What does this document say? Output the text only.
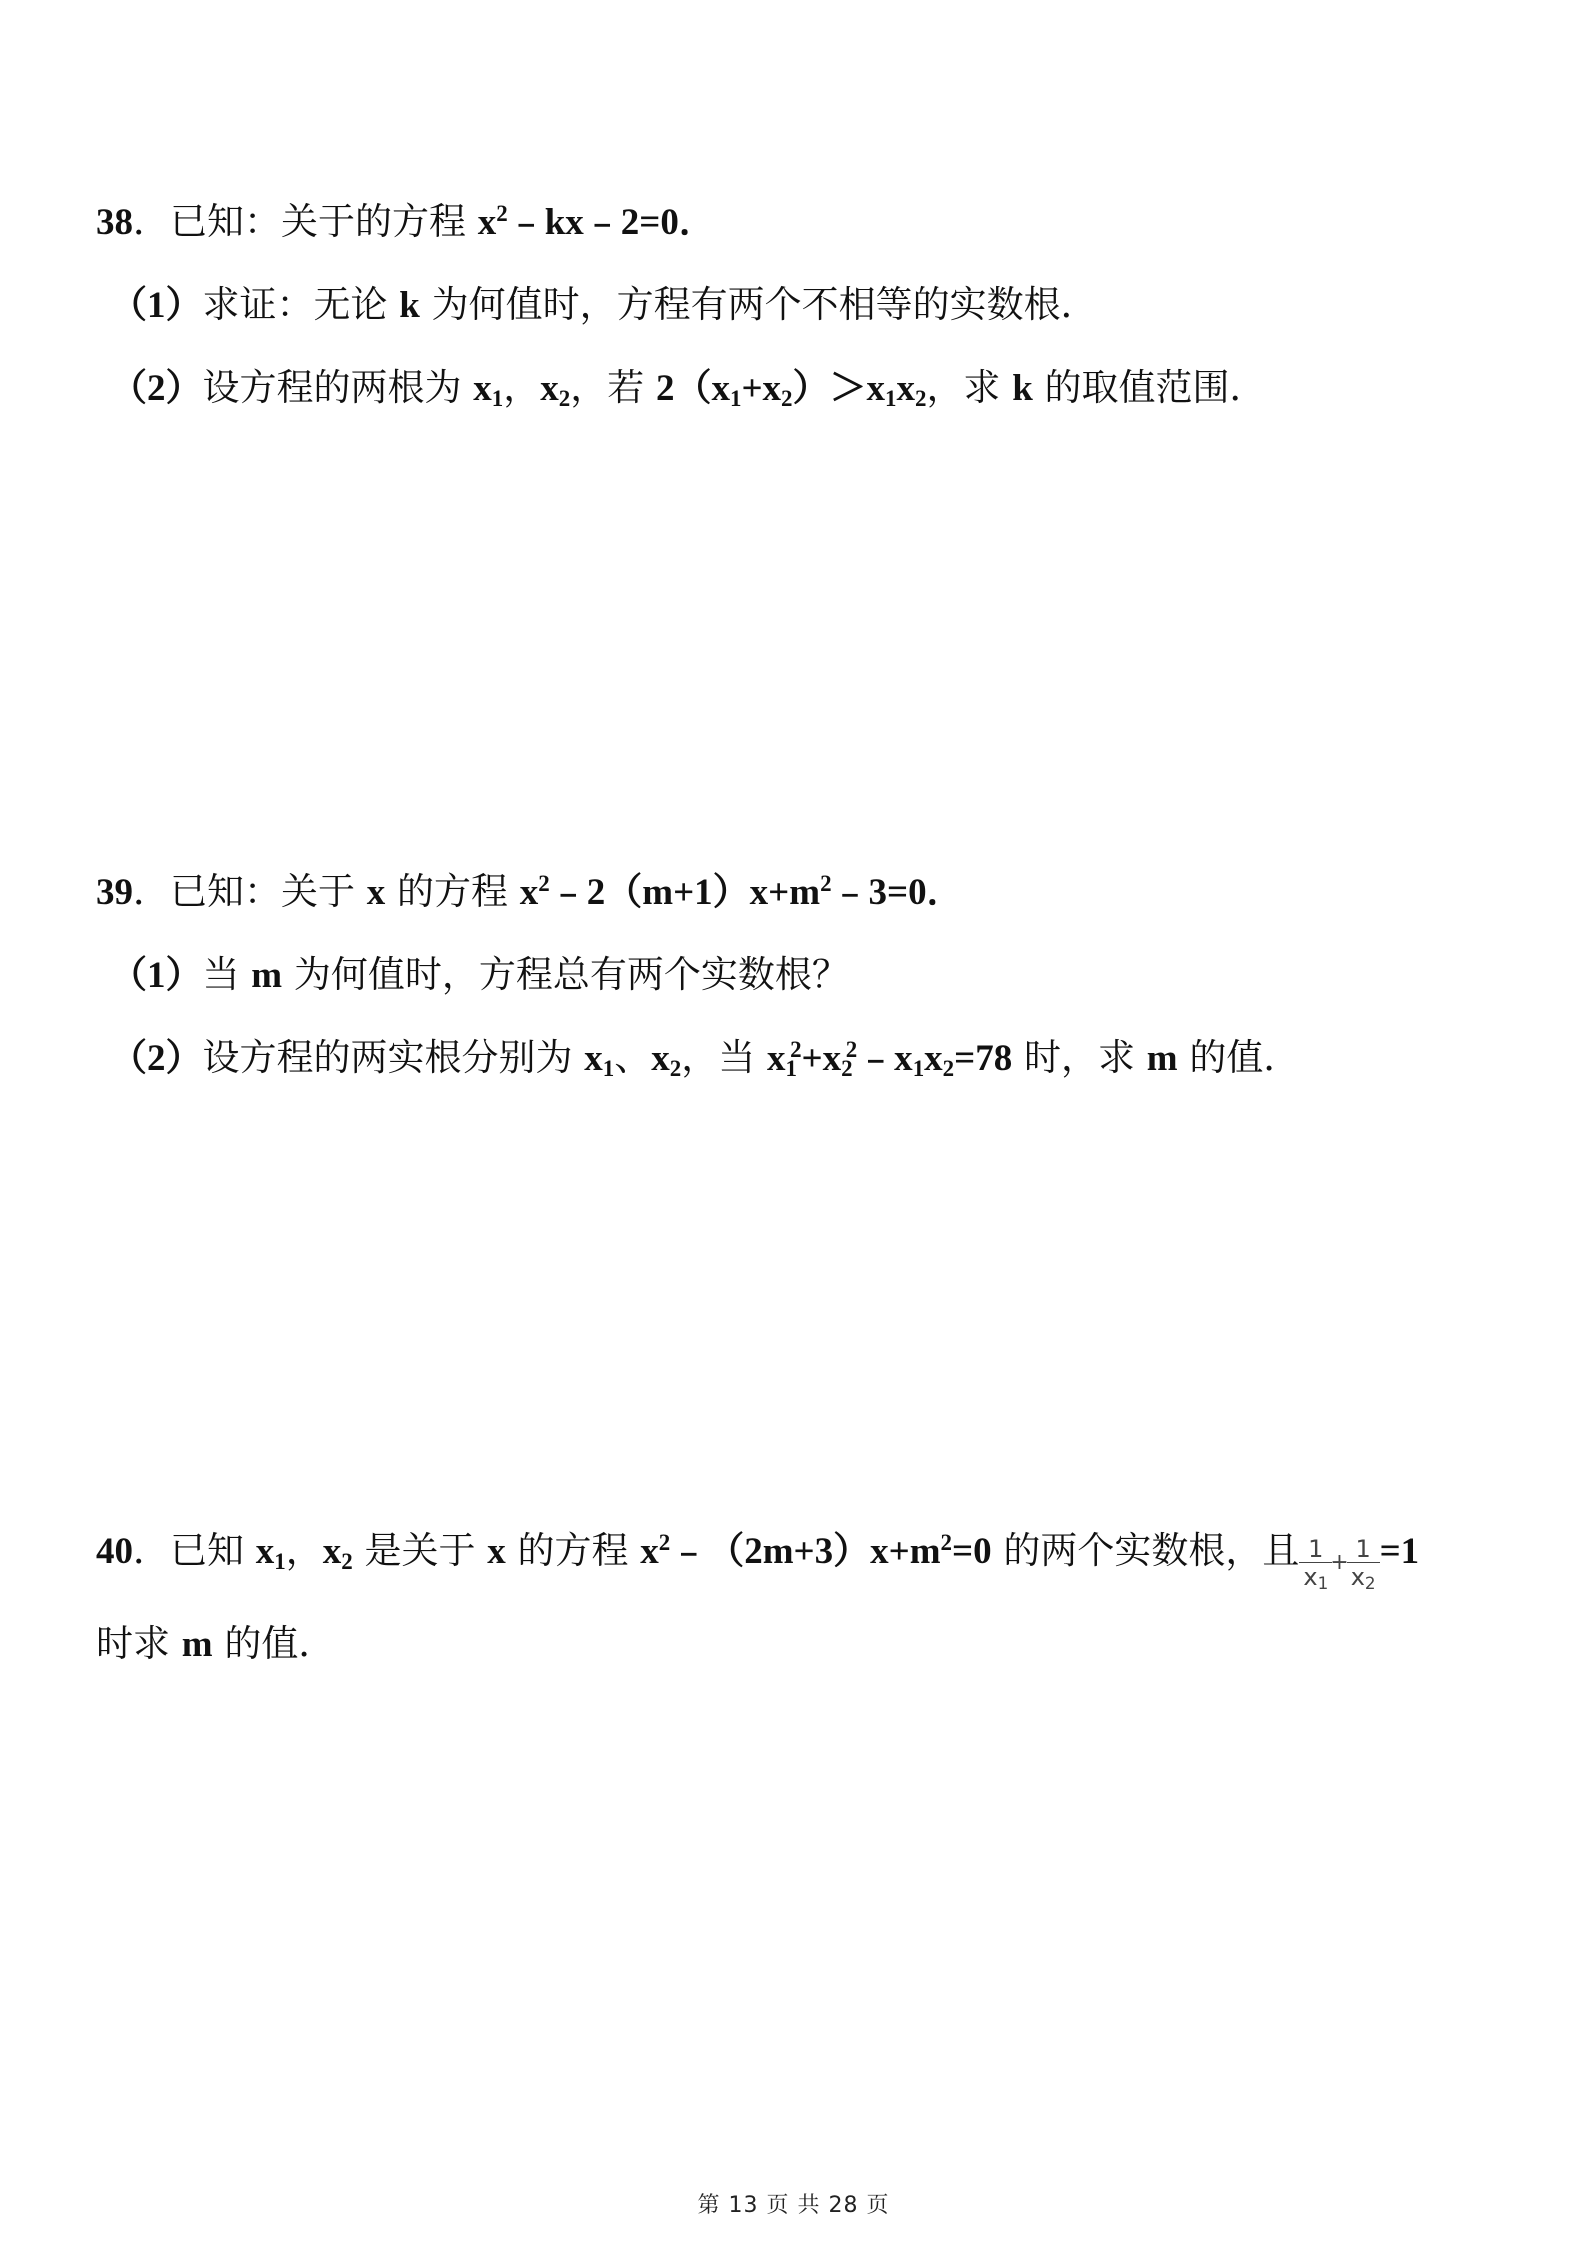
38．已知：关于的方程 $x^2﹣kx﹣2=0$．
（1）求证：无论 k 为何值时，方程有两个不相等的实数根．
（2）设方程的两根为 $x_1$，$x_2$，若 $2(x_1+x_2)>x_1x_2$，求 k 的取值范围．
39．已知：关于 x 的方程 $x^2﹣2(m+1)x+m^2﹣3=0$．
（1）当 m 为何值时，方程总有两个实数根？
（2）设方程的两实根分别为 $x_1$、$x_2$，当 $x_1^2+x_2^2﹣x_1x_2=78$ 时，求 m 的值．
40．已知 $x_1$，$x_2$ 是关于 x 的方程 $x^2﹣(2m+3)x+m^2=0$ 的两个实数根，且 $\frac{1}{x_1}$
+
$\frac{1}{x_2} =1$
时求 m 的值．
第 13 页 共 28 页
